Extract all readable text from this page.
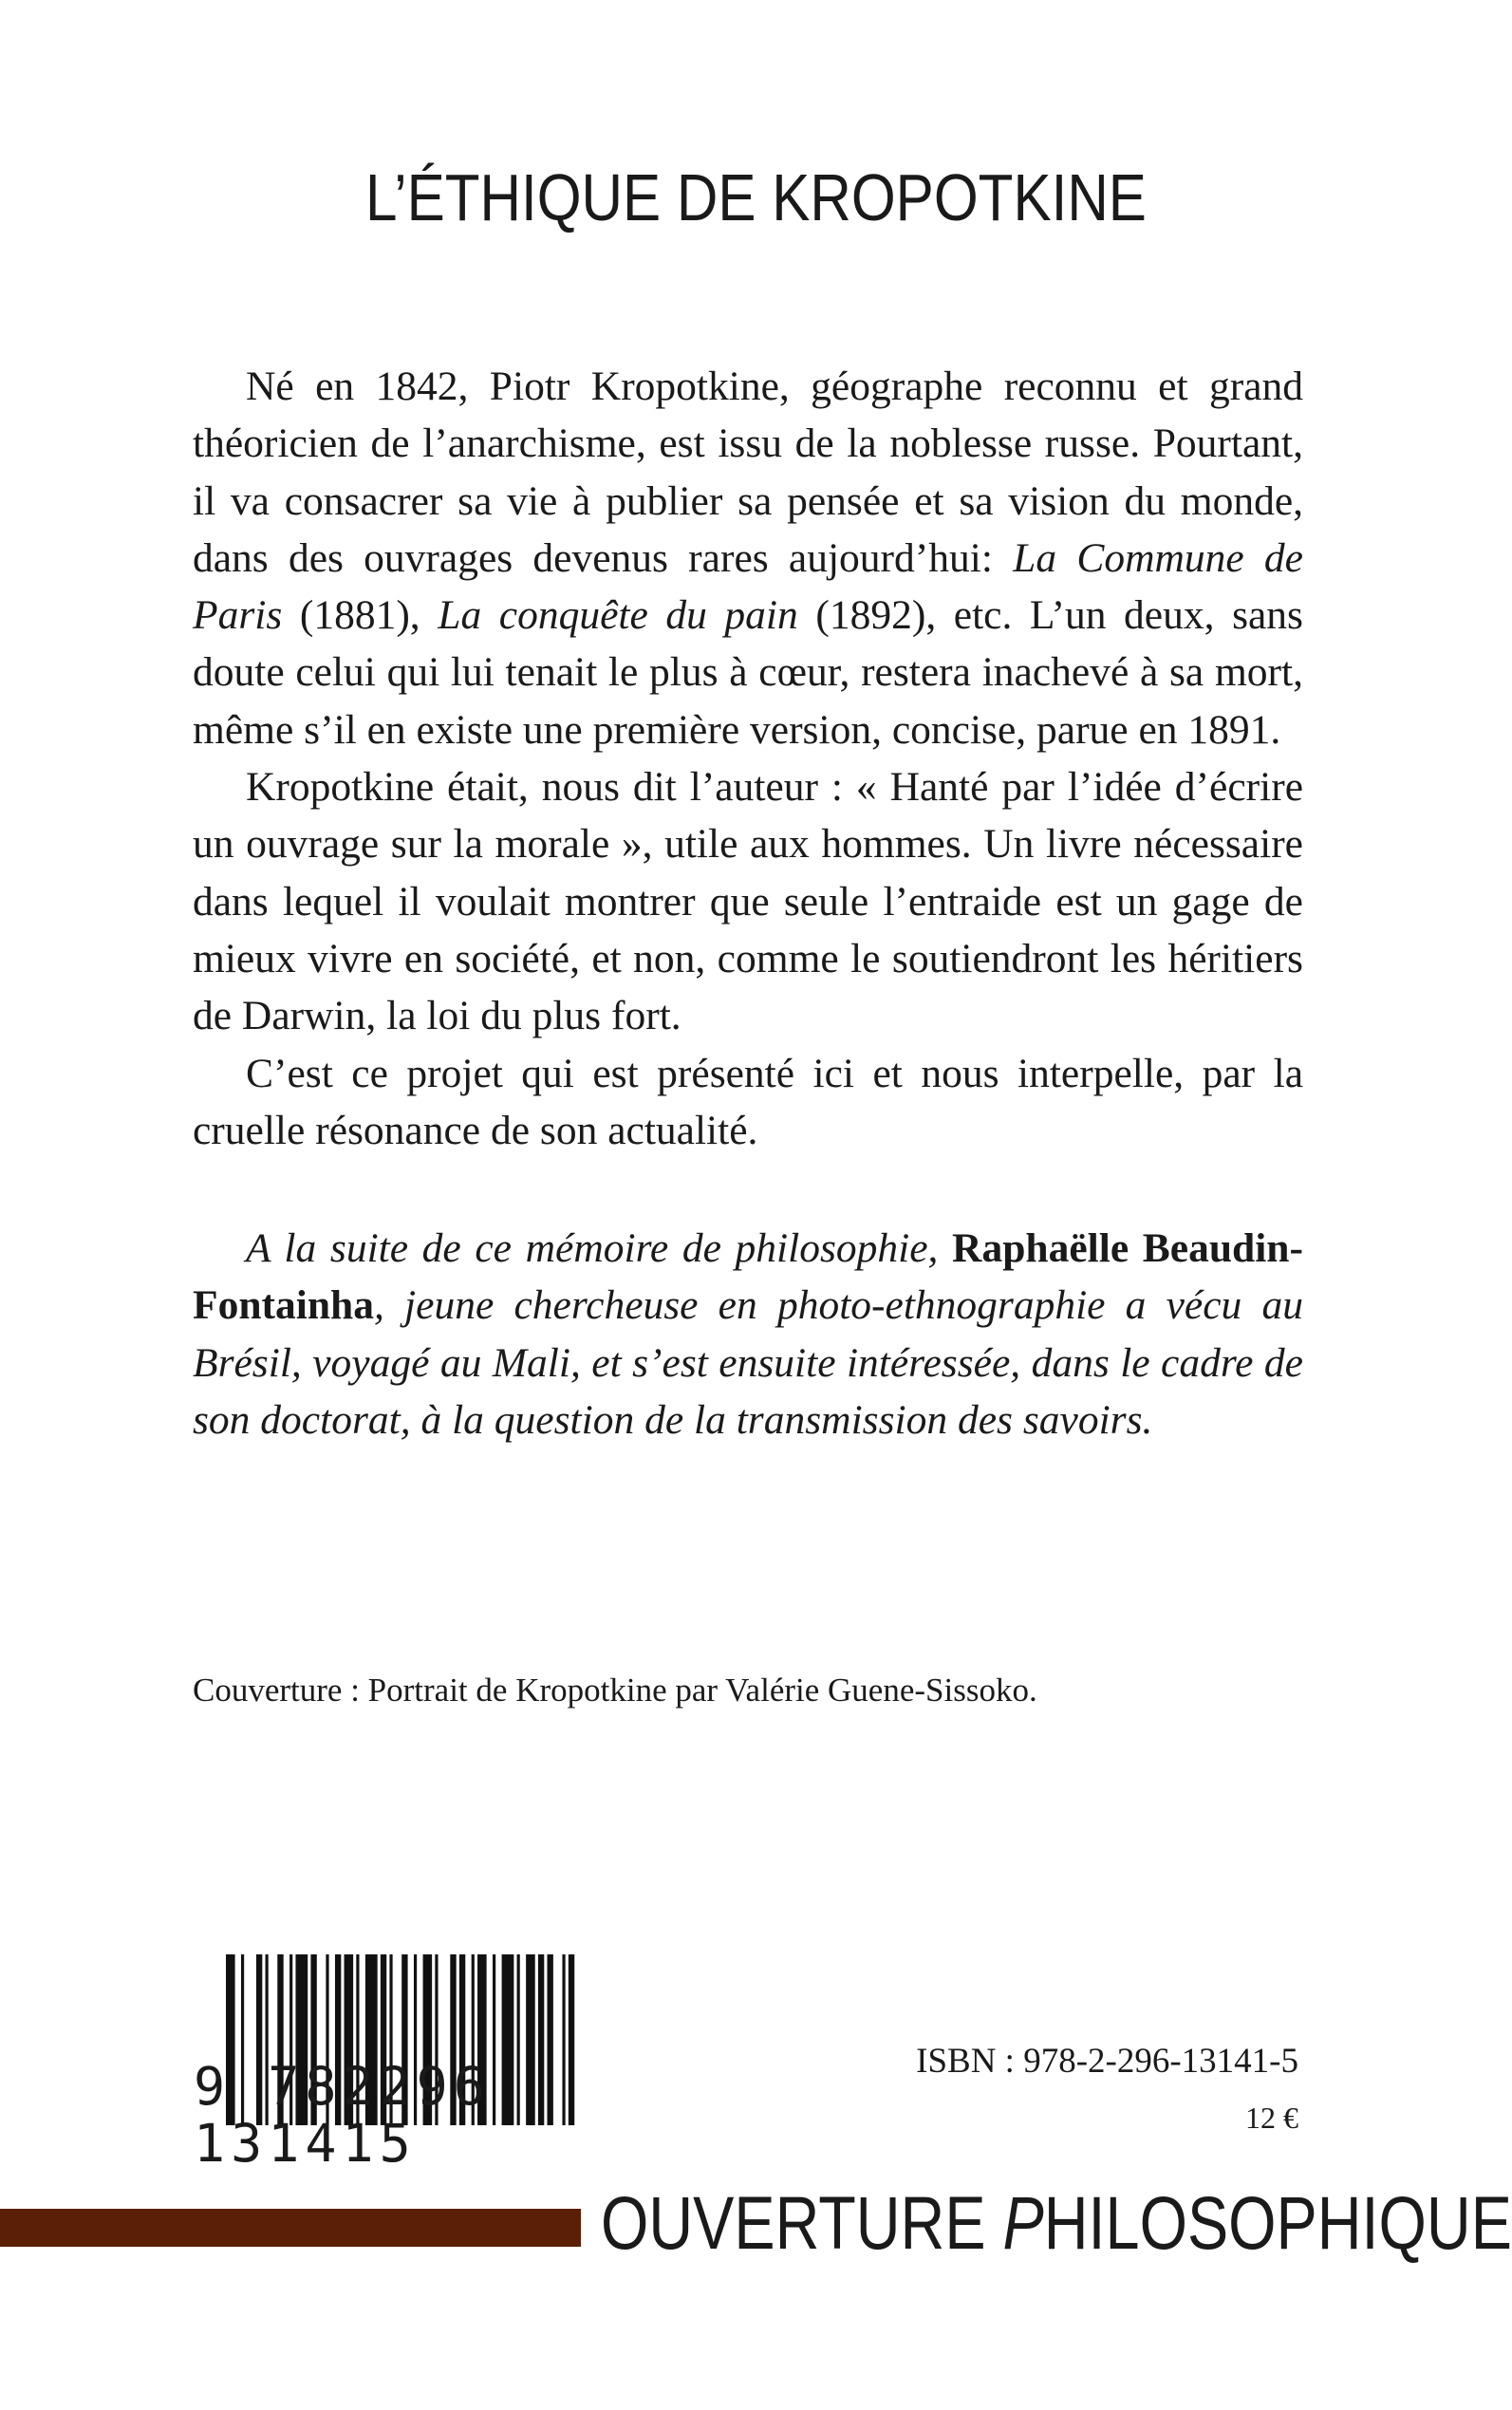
L’ÉTHIQUE DE KROPOTKINE

Né en 1842, Piotr Kropotkine, géographe reconnu et grand théoricien de l’anarchisme, est issu de la noblesse russe. Pourtant, il va consacrer sa vie à publier sa pensée et sa vision du monde, dans des ouvrages devenus rares aujourd’hui: La Commune de Paris (1881), La conquête du pain (1892), etc. L’un deux, sans doute celui qui lui tenait le plus à cœur, restera inachevé à sa mort, même s’il en existe une première version, concise, parue en 1891.

Kropotkine était, nous dit l’auteur : « Hanté par l’idée d’écrire un ouvrage sur la morale », utile aux hommes. Un livre nécessaire dans lequel il voulait montrer que seule l’entraide est un gage de mieux vivre en société, et non, comme le soutiendront les héritiers de Darwin, la loi du plus fort.

C’est ce projet qui est présenté ici et nous interpelle, par la cruelle résonance de son actualité.

A la suite de ce mémoire de philosophie, Raphaëlle Beaudin-Fontainha, jeune chercheuse en photo-ethnographie a vécu au Brésil, voyagé au Mali, et s’est ensuite intéressée, dans le cadre de son doctorat, à la question de la transmission des savoirs.
Couverture : Portrait de Kropotkine par Valérie Guene-Sissoko.
9 782296 131415
ISBN : 978-2-296-13141-5
12 €
OUVERTURE PHILOSOPHIQUE
